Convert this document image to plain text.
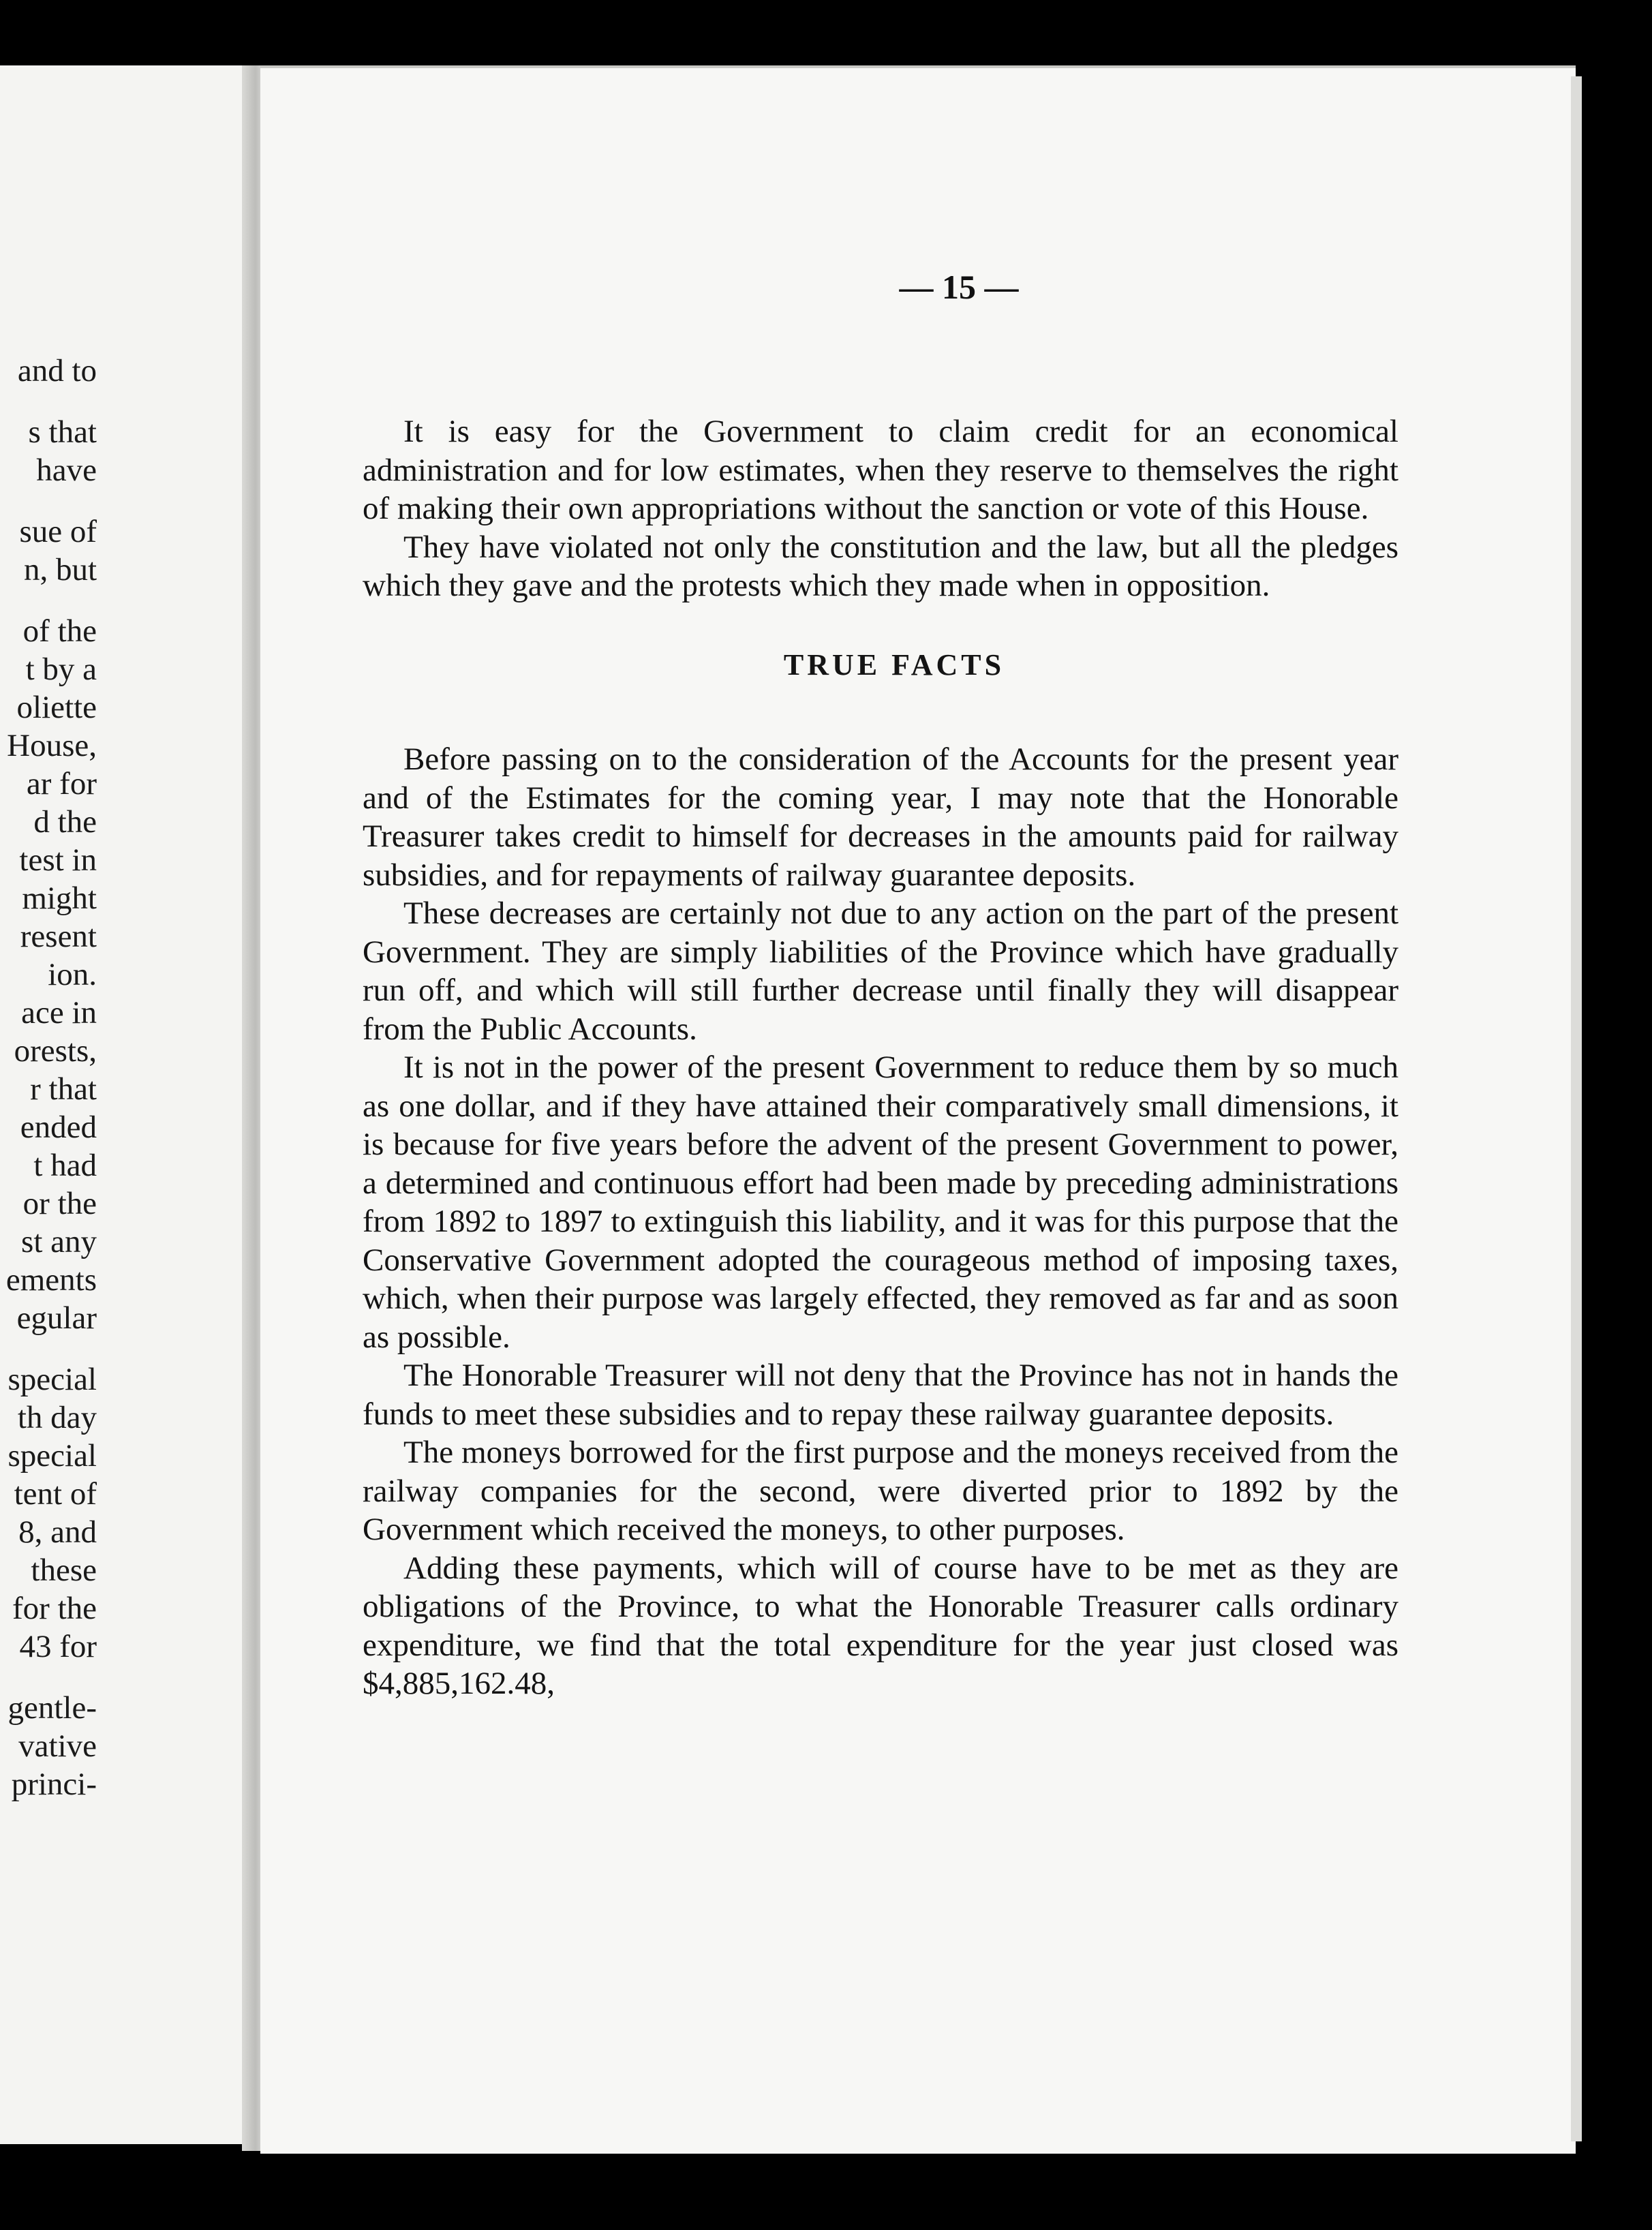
and to
s that
have
sue of
n, but
of the
t by a
oliette
House,
ar for
d the
test in
might
resent
ion.
ace in
orests,
r that
ended
t had
or the
st any
ements
egular
special
th day
special
tent of
8, and
these
for the
43 for
gentle-
vative
princi-
— 15 —

It is easy for the Government to claim credit for an economical administration and for low estimates, when they reserve to themselves the right of making their own appropriations without the sanction or vote of this House.

They have violated not only the constitution and the law, but all the pledges which they gave and the protests which they made when in opposition.

TRUE FACTS

Before passing on to the consideration of the Accounts for the present year and of the Estimates for the coming year, I may note that the Honorable Treasurer takes credit to himself for decreases in the amounts paid for railway subsidies, and for repayments of railway guarantee deposits.

These decreases are certainly not due to any action on the part of the present Government. They are simply liabilities of the Province which have gradually run off, and which will still further decrease until finally they will disappear from the Public Accounts.

It is not in the power of the present Government to reduce them by so much as one dollar, and if they have attained their comparatively small dimensions, it is because for five years before the advent of the present Government to power, a determined and continuous effort had been made by preceding administrations from 1892 to 1897 to extinguish this liability, and it was for this purpose that the Conservative Government adopted the courageous method of imposing taxes, which, when their purpose was largely effected, they removed as far and as soon as possible.

The Honorable Treasurer will not deny that the Province has not in hands the funds to meet these subsidies and to repay these railway guarantee deposits.

The moneys borrowed for the first purpose and the moneys received from the railway companies for the second, were diverted prior to 1892 by the Government which received the moneys, to other purposes.

Adding these payments, which will of course have to be met as they are obligations of the Province, to what the Honorable Treasurer calls ordinary expenditure, we find that the total expenditure for the year just closed was $4,885,162.48,
